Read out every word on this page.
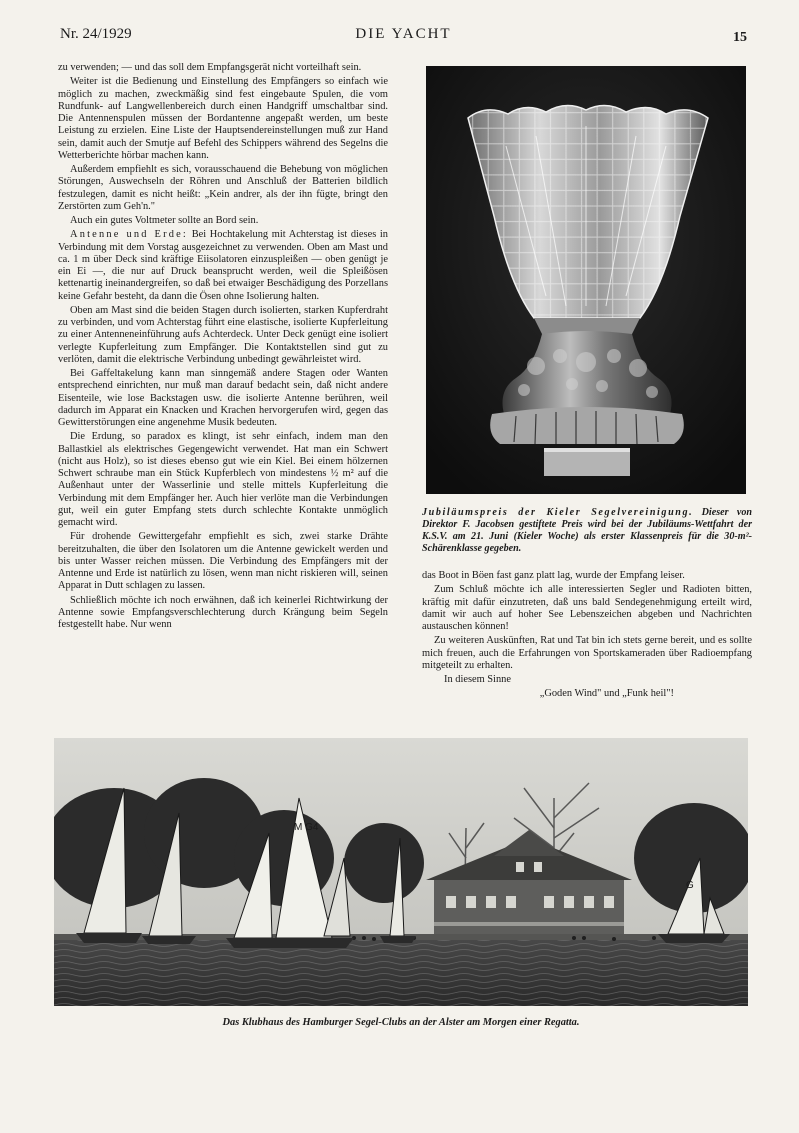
Nr. 24/1929	DIE YACHT	15

zu verwenden; — und das soll dem Empfangsgerät nicht vorteilhaft sein.

Weiter ist die Bedienung und Einstellung des Empfängers so einfach wie möglich zu machen, zweckmäßig sind fest eingebaute Spulen, die vom Rundfunk- auf Langwellenbereich durch einen Handgriff umschaltbar sind. Die Antennenspulen müssen der Bordantenne angepaßt werden, um beste Leistung zu erzielen. Eine Liste der Hauptsendereinstellungen muß zur Hand sein, damit auch der Smutje auf Befehl des Schippers während des Segelns die Wetterberichte hörbar machen kann.

Außerdem empfiehlt es sich, vorausschauend die Behebung von möglichen Störungen, Auswechseln der Röhren und Anschluß der Batterien bildlich festzulegen, damit es nicht heißt: „Kein andrer, als der ihn fügte, bringt den Zerstörten zum Geh'n."

Auch ein gutes Voltmeter sollte an Bord sein.

Antenne und Erde: Bei Hochtakelung mit Achterstag ist dieses in Verbindung mit dem Vorstag ausgezeichnet zu verwenden. Oben am Mast und ca. 1 m über Deck sind kräftige Eiisolatoren einzuspleißen — oben genügt je ein Ei —, die nur auf Druck beansprucht werden, weil die Spleißösen kettenartig ineinandergreifen, so daß bei etwaiger Beschädigung des Porzellans keine Gefahr besteht, da dann die Ösen ohne Isolierung halten.

Oben am Mast sind die beiden Stagen durch isolierten, starken Kupferdraht zu verbinden, und vom Achterstag führt eine elastische, isolierte Kupferleitung zu einer Antenneneinführung aufs Achterdeck. Unter Deck genügt eine isoliert verlegte Kupferleitung zum Empfänger. Die Kontaktstellen sind gut zu verlöten, damit die elektrische Verbindung unbedingt gewährleistet wird.

Bei Gaffeltakelung kann man sinngemäß andere Stagen oder Wanten entsprechend einrichten, nur muß man darauf bedacht sein, daß nicht andere Eisenteile, wie lose Backstagen usw. die isolierte Antenne berühren, weil dadurch im Apparat ein Knacken und Krachen hervorgerufen wird, gegen das Gewitterstörungen eine angenehme Musik bedeuten.

Die Erdung, so paradox es klingt, ist sehr einfach, indem man den Ballastkiel als elektrisches Gegengewicht verwendet. Hat man ein Schwert (nicht aus Holz), so ist dieses ebenso gut wie ein Kiel. Bei einem hölzernen Schwert schraube man ein Stück Kupferblech von mindestens ½ m² auf die Außenhaut unter der Wasserlinie und stelle mittels Kupferleitung die Verbindung mit dem Empfänger her. Auch hier verlöte man die Verbindungen gut, weil ein guter Empfang stets durch schlechte Kontakte unmöglich gemacht wird.

Für drohende Gewittergefahr empfiehlt es sich, zwei starke Drähte bereitzuhalten, die über den Isolatoren um die Antenne gewickelt werden und bis unter Wasser reichen müssen. Die Verbindung des Empfängers mit der Antenne und Erde ist natürlich zu lösen, wenn man nicht riskieren will, seinen Apparat in Dutt schlagen zu lassen.

Schließlich möchte ich noch erwähnen, daß ich keinerlei Richtwirkung der Antenne sowie Empfangsverschlechterung durch Krängung beim Segeln festgestellt habe. Nur wenn

Jubiläumspreis der Kieler Segelvereinigung. Dieser von Direktor F. Jacobsen gestiftete Preis wird bei der Jubiläums-Wettfahrt der K.S.V. am 21. Juni (Kieler Woche) als erster Klassenpreis für die 30-m²-Schärenklasse gegeben.

das Boot in Böen fast ganz platt lag, wurde der Empfang leiser.

Zum Schluß möchte ich alle interessierten Segler und Radioten bitten, kräftig mit dafür einzutreten, daß uns bald Sendegenehmigung erteilt wird, damit wir auch auf hoher See Lebenszeichen abgeben und Nachrichten austauschen können!

Zu weiteren Auskünften, Rat und Tat bin ich stets gerne bereit, und es sollte mich freuen, auch die Erfahrungen von Sportskameraden über Radioempfang mitgeteilt zu erhalten.

In diesem Sinne

„Goden Wind" und „Funk heil"!

M G4
G
Das Klubhaus des Hamburger Segel-Clubs an der Alster am Morgen einer Regatta.
